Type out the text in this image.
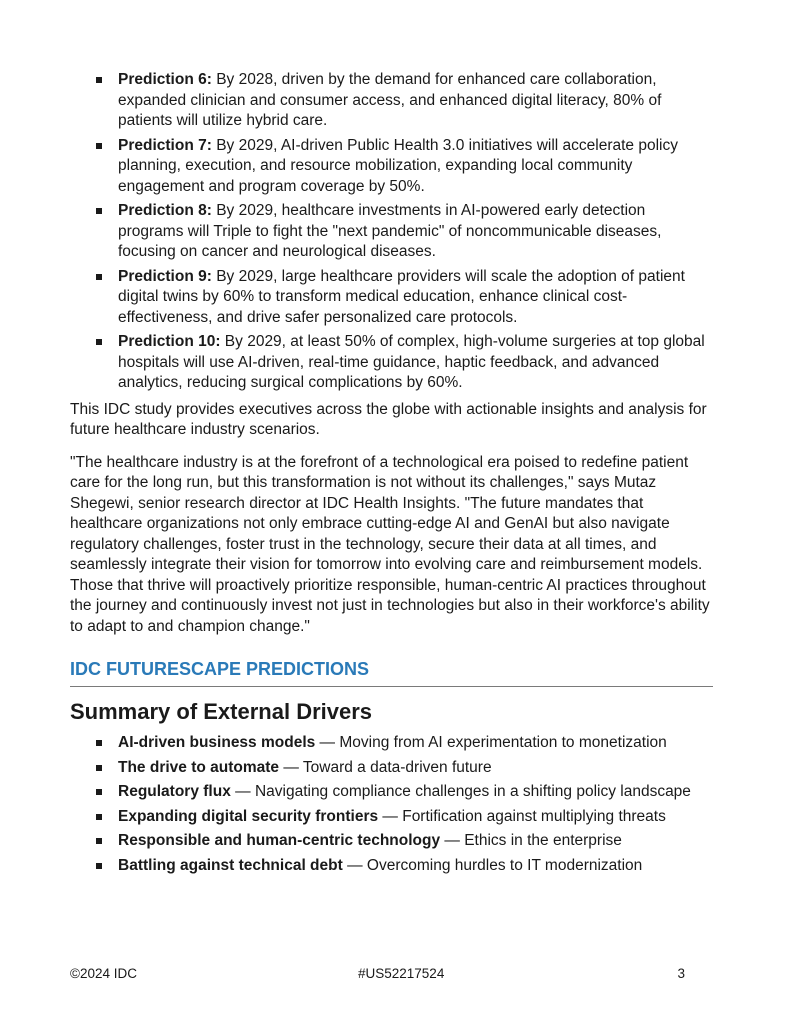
Prediction 6: By 2028, driven by the demand for enhanced care collaboration, expanded clinician and consumer access, and enhanced digital literacy, 80% of patients will utilize hybrid care.
Prediction 7: By 2029, AI-driven Public Health 3.0 initiatives will accelerate policy planning, execution, and resource mobilization, expanding local community engagement and program coverage by 50%.
Prediction 8: By 2029, healthcare investments in AI-powered early detection programs will Triple to fight the "next pandemic" of noncommunicable diseases, focusing on cancer and neurological diseases.
Prediction 9: By 2029, large healthcare providers will scale the adoption of patient digital twins by 60% to transform medical education, enhance clinical cost-effectiveness, and drive safer personalized care protocols.
Prediction 10: By 2029, at least 50% of complex, high-volume surgeries at top global hospitals will use AI-driven, real-time guidance, haptic feedback, and advanced analytics, reducing surgical complications by 60%.

This IDC study provides executives across the globe with actionable insights and analysis for future healthcare industry scenarios.

"The healthcare industry is at the forefront of a technological era poised to redefine patient care for the long run, but this transformation is not without its challenges," says Mutaz Shegewi, senior research director at IDC Health Insights. "The future mandates that healthcare organizations not only embrace cutting-edge AI and GenAI but also navigate regulatory challenges, foster trust in the technology, secure their data at all times, and seamlessly integrate their vision for tomorrow into evolving care and reimbursement models. Those that thrive will proactively prioritize responsible, human-centric AI practices throughout the journey and continuously invest not just in technologies but also in their workforce's ability to adapt to and champion change."

IDC FUTURESCAPE PREDICTIONS
Summary of External Drivers
AI-driven business models — Moving from AI experimentation to monetization
The drive to automate — Toward a data-driven future
Regulatory flux — Navigating compliance challenges in a shifting policy landscape
Expanding digital security frontiers — Fortification against multiplying threats
Responsible and human-centric technology — Ethics in the enterprise
Battling against technical debt — Overcoming hurdles to IT modernization
©2024 IDC	#US52217524	3
